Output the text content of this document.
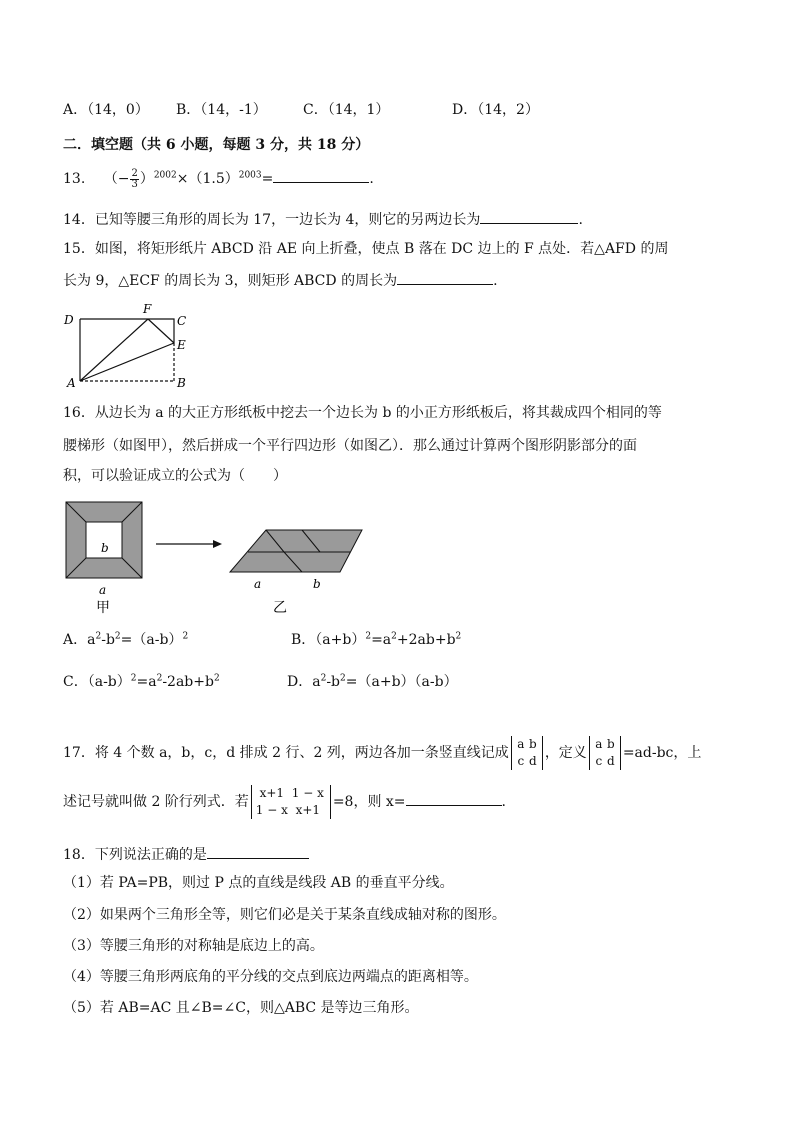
A．（14，0） B．（14，-1）	C．（14，1）	D．（14，2）
二．填空题（共 6 小题，每题 3 分，共 18 分）
13. （− $\frac{2}{3} )^{2002}\times(1.5)^{2003}=$	.
14．已知等腰三角形的周长为 17，一边长为 4，则它的另两边长为	.
15．如图，将矩形纸片 ABCD 沿 AE 向上折叠，使点 B 落在 DC 边上的 F 点处．若△AFD 的周
长为 9，△ECF 的周长为 3，则矩形 ABCD 的周长为	.
D
F
C
E
A	B
16．从边长为 a 的大正方形纸板中挖去一个边长为 b 的小正方形纸板后，将其裁成四个相同的等
腰梯形（如图甲），然后拼成一个平行四边形（如图乙）．那么通过计算两个图形阴影部分的面
积，可以验证成立的公式为（　　）
b
a
甲
a	b
乙
A．$a^2-b^2=(a-b)^2$	B．$(a+b)^2=a^2+2ab+b^2$
C．$(a-b)^2=a^2-2ab+b^2$	D．$a^2-b^2=(a+b)(a-b)$
17．将 4 个数 a，b，c，d 排成 2 行、2 列，两边各加一条竖直线记成
a b
c d ，定义
a b
c d =ad-bc，上
述记号就叫做 2 阶行列式．若
x+1 1 − x
1 − x x+1 =8，则 x=	.
18．下列说法正确的是
（1）若 PA=PB，则过 P 点的直线是线段 AB 的垂直平分线。
（2）如果两个三角形全等，则它们必是关于某条直线成轴对称的图形。
（3）等腰三角形的对称轴是底边上的高。
（4）等腰三角形两底角的平分线的交点到底边两端点的距离相等。
（5）若 AB=AC 且∠B=∠C，则△ABC 是等边三角形。
